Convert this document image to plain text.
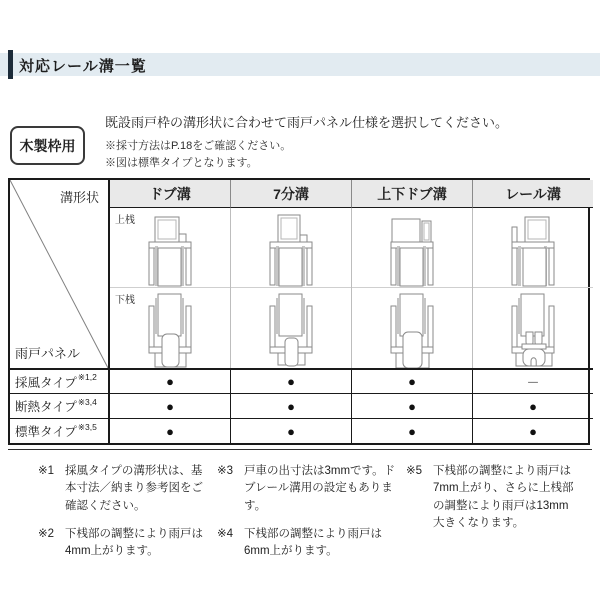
対応レール溝一覧
木製枠用
既設雨戸枠の溝形状に合わせて雨戸パネル仕様を選択してください。
※採寸方法はP.18をご確認ください。
※図は標準タイプとなります。
溝形状
雨戸パネル
ドブ溝	7分溝	上下ドブ溝	レール溝
上桟
下桟
採風タイプ ※1,2	●	●	●	－
断熱タイプ ※3,4	●	●	●	●
標準タイプ ※3,5	●	●	●	●
※1 採風タイプの溝形状は、基本寸法／納まり参考図をご確認ください。
※2 下桟部の調整により雨戸は4mm上がります。
※3 戸車の出寸法は3mmです。ドブレール溝用の設定もあります。
※4 下桟部の調整により雨戸は6mm上がります。
※5 下桟部の調整により雨戸は7mm上がり、さらに上桟部の調整により雨戸は13mm大きくなります。
